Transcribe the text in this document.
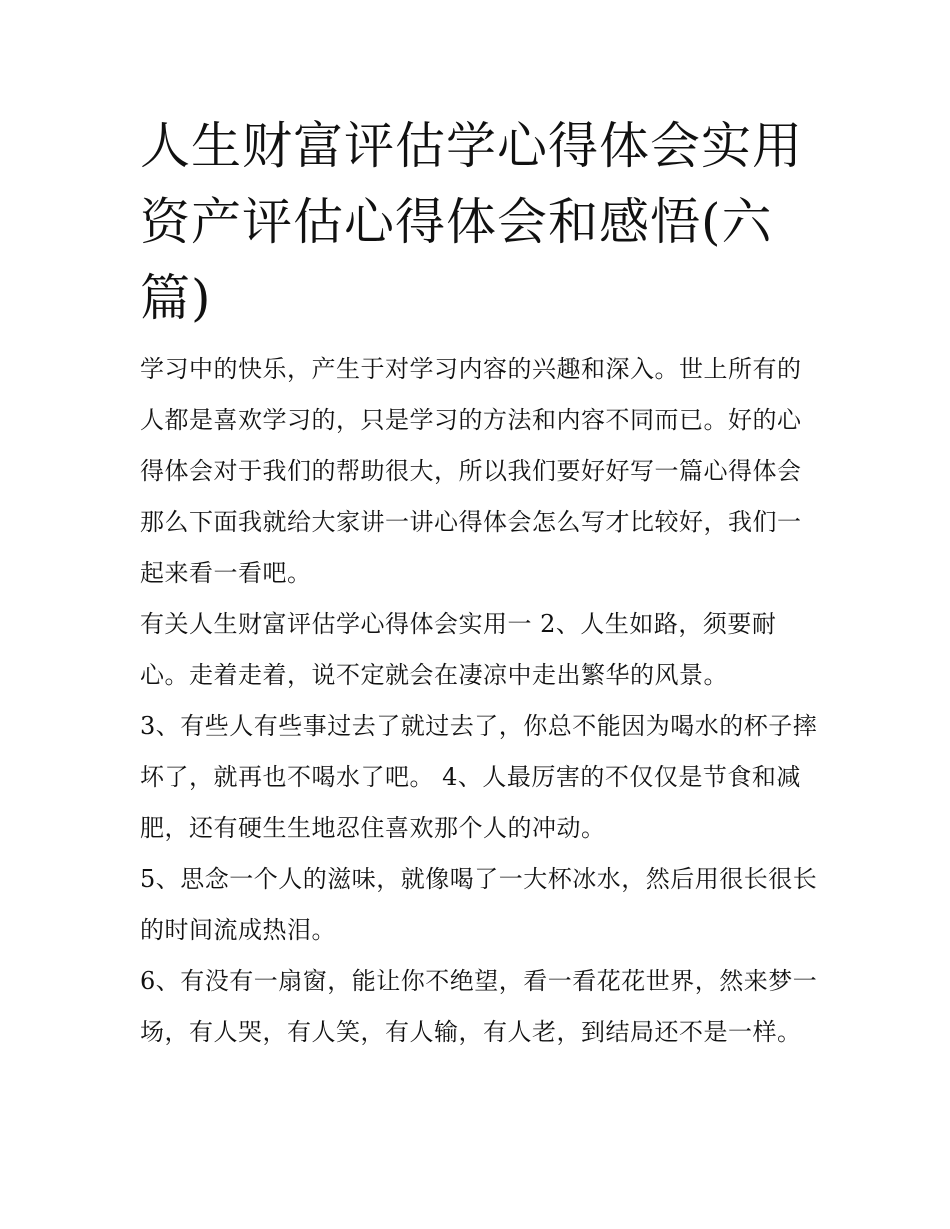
人生财富评估学心得体会实用资产评估心得体会和感悟(六篇)

学习中的快乐，产生于对学习内容的兴趣和深入。世上所有的人都是喜欢学习的，只是学习的方法和内容不同而已。好的心得体会对于我们的帮助很大，所以我们要好好写一篇心得体会那么下面我就给大家讲一讲心得体会怎么写才比较好，我们一起来看一看吧。

有关人生财富评估学心得体会实用一 2、人生如路，须要耐心。走着走着，说不定就会在凄凉中走出繁华的风景。

3、有些人有些事过去了就过去了，你总不能因为喝水的杯子摔坏了，就再也不喝水了吧。 4、人最厉害的不仅仅是节食和减肥，还有硬生生地忍住喜欢那个人的冲动。

5、思念一个人的滋味，就像喝了一大杯冰水，然后用很长很长的时间流成热泪。

6、有没有一扇窗，能让你不绝望，看一看花花世界，然来梦一场，有人哭，有人笑，有人输，有人老，到结局还不是一样。
